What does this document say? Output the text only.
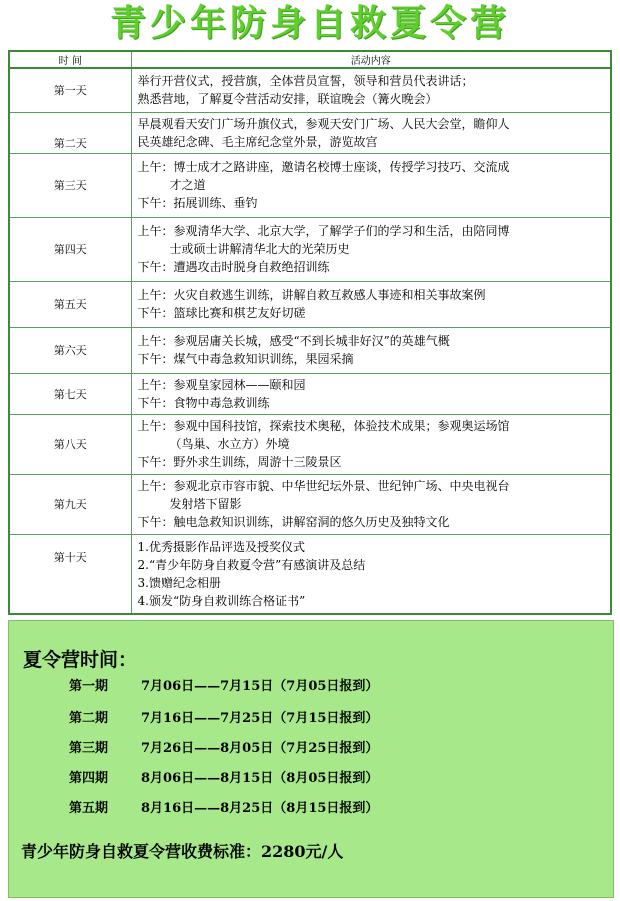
青少年防身自救夏令营
时 间	活动内容
第一天	举行开营仪式，授营旗，全体营员宣誓，领导和营员代表讲话；
熟悉营地，了解夏令营活动安排，联谊晚会（篝火晚会）

第二天	早晨观看天安门广场升旗仪式，参观天安门广场、人民大会堂，瞻仰人
民英雄纪念碑、毛主席纪念堂外景，游览故宫

第三天	上午：博士成才之路讲座，邀请名校博士座谈，传授学习技巧、交流成
才之道
下午：拓展训练、垂钓

第四天	上午：参观清华大学、北京大学，了解学子们的学习和生活，由陪同博
士或硕士讲解清华北大的光荣历史
下午：遭遇攻击时脱身自救绝招训练

第五天	上午：火灾自救逃生训练，讲解自救互救感人事迹和相关事故案例
下午：篮球比赛和棋艺友好切磋

第六天	上午：参观居庸关长城，感受“不到长城非好汉”的英雄气概
下午：煤气中毒急救知识训练，果园采摘

第七天	上午：参观皇家园林——颐和园
下午：食物中毒急救训练

第八天	上午：参观中国科技馆，探索技术奥秘，体验技术成果；参观奥运场馆
（鸟巢、水立方）外境
下午：野外求生训练，周游十三陵景区

第九天	上午：参观北京市容市貌、中华世纪坛外景、世纪钟广场、中央电视台
发射塔下留影
下午：触电急救知识训练，讲解窑洞的悠久历史及独特文化

第十天	1.优秀摄影作品评选及授奖仪式
2.“青少年防身自救夏令营”有感演讲及总结
3.馈赠纪念相册
4.颁发“防身自救训练合格证书”
夏令营时间：
第一期	7月06日——7月15日（7月05日报到）
第二期	7月16日——7月25日（7月15日报到）
第三期	7月26日——8月05日（7月25日报到）
第四期	8月06日——8月15日（8月05日报到）
第五期	8月16日——8月25日（8月15日报到）
青少年防身自救夏令营收费标准：2280元/人
